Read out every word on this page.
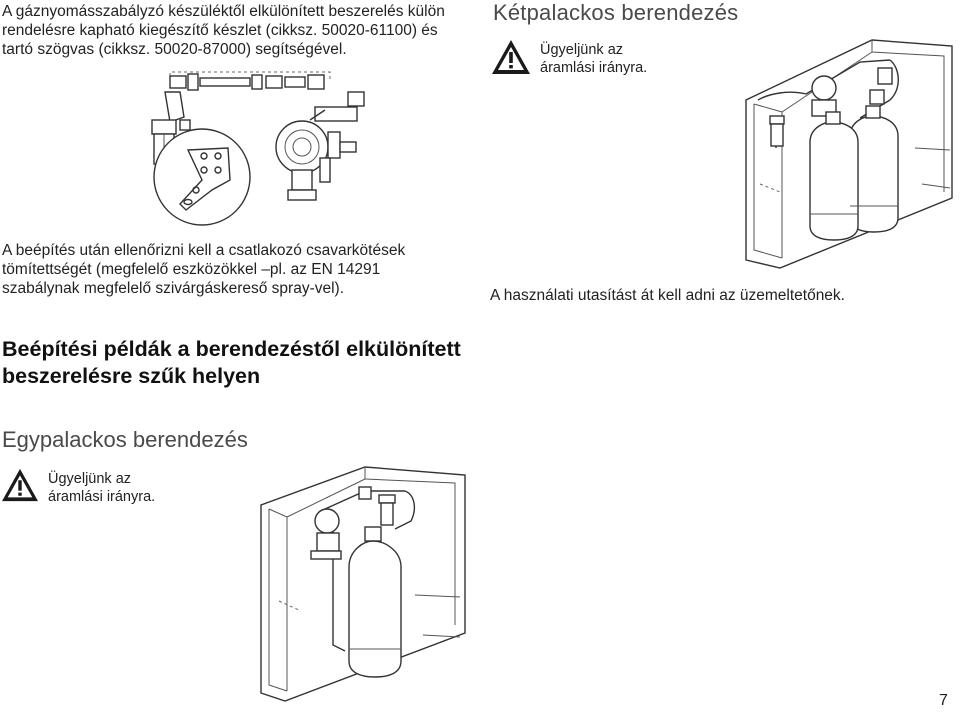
A gáznyomásszabályzó készüléktől elkülönített beszerelés külön rendelésre kapható kiegészítő készlet (cikksz. 50020-61100) és tartó szögvas (cikksz. 50020-87000) segítségével.
Kétpalackos berendezés
Ügyeljünk az áramlási irányra.
A beépítés után ellenőrizni kell a csatlakozó csavarkötések tömítettségét (megfelelő eszközökkel –pl. az EN 14291 szabálynak megfelelő szivárgáskereső spray-vel).	A használati utasítást át kell adni az üzemeltetőnek.
Beépítési példák a berendezéstől elkülönített beszerelésre szűk helyen
Egypalackos berendezés
Ügyeljünk az áramlási irányra.
7
